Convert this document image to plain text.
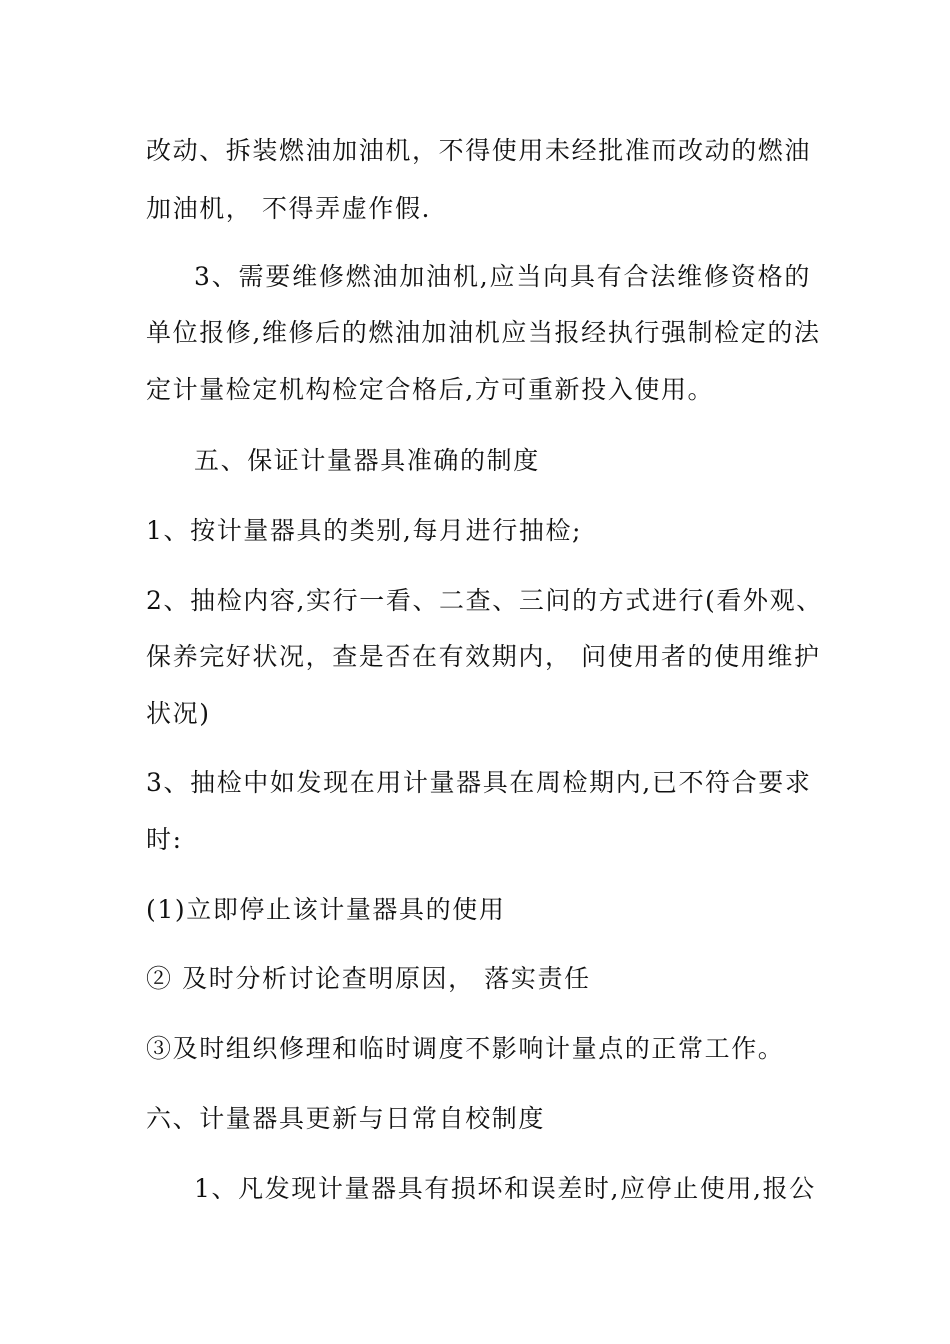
改动、拆装燃油加油机，不得使用未经批准而改动的燃油
加油机， 不得弄虚作假.
3、需要维修燃油加油机,应当向具有合法维修资格的
单位报修,维修后的燃油加油机应当报经执行强制检定的法
定计量检定机构检定合格后,方可重新投入使用。
五、保证计量器具准确的制度
1、按计量器具的类别,每月进行抽检;
2、抽检内容,实行一看、二查、三问的方式进行(看外观、
保养完好状况，查是否在有效期内， 问使用者的使用维护
状况)
3、抽检中如发现在用计量器具在周检期内,已不符合要求
时:
(1)立即停止该计量器具的使用
② 及时分析讨论查明原因， 落实责任
③及时组织修理和临时调度不影响计量点的正常工作。
六、计量器具更新与日常自校制度
1、凡发现计量器具有损坏和误差时,应停止使用,报公
